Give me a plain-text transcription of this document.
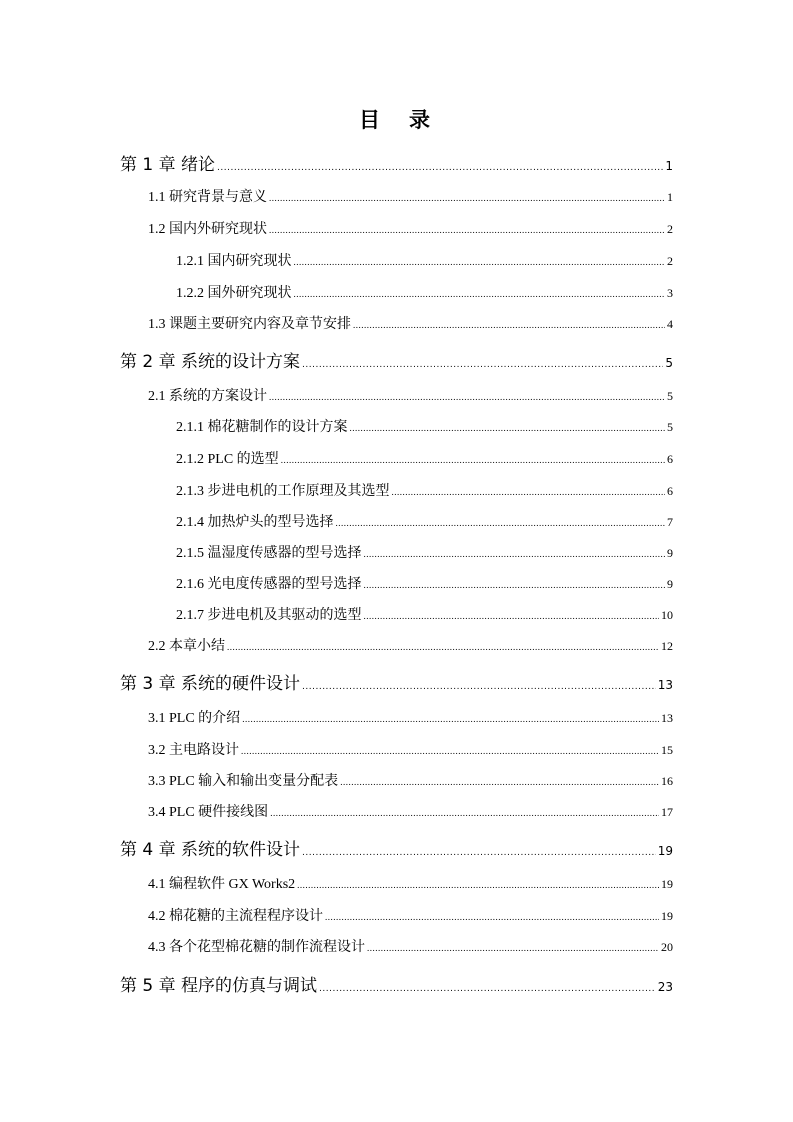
目　录
第 1 章 绪论 .....	1
1.1 研究背景与意义 .....	1
1.2 国内外研究现状 .....	2
1.2.1 国内研究现状 .....	2
1.2.2 国外研究现状 .....	3
1.3 课题主要研究内容及章节安排 .....	4
第 2 章 系统的设计方案 .....	5
2.1 系统的方案设计 .....	5
2.1.1 棉花糖制作的设计方案 .....	5
2.1.2 PLC 的选型 .....	6
2.1.3 步进电机的工作原理及其选型 .....	6
2.1.4 加热炉头的型号选择 .....	7
2.1.5 温湿度传感器的型号选择 .....	9
2.1.6 光电度传感器的型号选择 .....	9
2.1.7 步进电机及其驱动的选型 .....	10
2.2 本章小结 .....	12
第 3 章 系统的硬件设计 .....	13
3.1 PLC 的介绍 .....	13
3.2 主电路设计 .....	15
3.3 PLC 输入和输出变量分配表 .....	16
3.4 PLC 硬件接线图 .....	17
第 4 章 系统的软件设计 .....	19
4.1 编程软件 GX Works2 .....	19
4.2 棉花糖的主流程程序设计 .....	19
4.3 各个花型棉花糖的制作流程设计 .....	20
第 5 章 程序的仿真与调试 .....	23
